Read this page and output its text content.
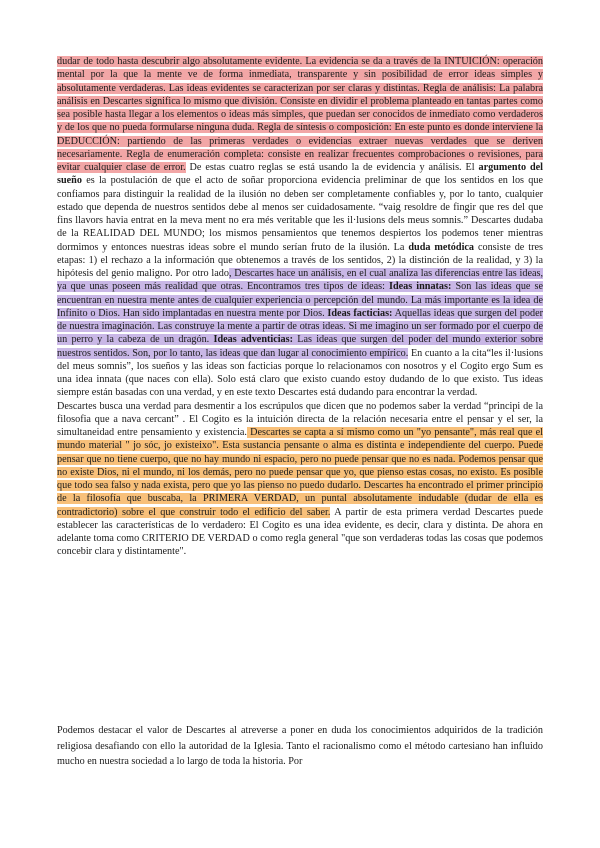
dudar de todo hasta descubrir algo absolutamente evidente. La evidencia se da a través de la INTUICIÓN: operación mental por la que la mente ve de forma inmediata, transparente y sin posibilidad de error ideas simples y absolutamente verdaderas. Las ideas evidentes se caracterizan por ser claras y distintas. Regla de análisis: La palabra análisis en Descartes significa lo mismo que división. Consiste en dividir el problema planteado en tantas partes como sea posible hasta llegar a los elementos o ideas más simples, que puedan ser conocidos de inmediato como verdaderos y de los que no pueda formularse ninguna duda. Regla de síntesis o composición: En este punto es donde interviene la DEDUCCIÓN: partiendo de las primeras verdades o evidencias extraer nuevas verdades que se deriven necesariamente. Regla de enumeración completa: consiste en realizar frecuentes comprobaciones o revisiones, para evitar cualquier clase de error. De estas cuatro reglas se está usando la de evidencia y análisis. El argumento del sueño es la postulación de que el acto de soñar proporciona evidencia preliminar de que los sentidos en los que confiamos para distinguir la realidad de la ilusión no deben ser completamente confiables y, por lo tanto, cualquier estado que dependa de nuestros sentidos debe al menos ser cuidadosamente. “vaig resoldre de fingir que res del que fins llavors havia entrat en la meva ment no era més veritable que les il·lusions dels meus somnis.” Descartes dudaba de la REALIDAD DEL MUNDO; los mismos pensamientos que tenemos despiertos los podemos tener mientras dormimos y entonces nuestras ideas sobre el mundo serían fruto de la ilusión. La duda metódica consiste de tres etapas: 1) el rechazo a la información que obtenemos a través de los sentidos, 2) la distinción de la realidad, y 3) la hipótesis del genio maligno. Por otro lado, Descartes hace un análisis, en el cual analiza las diferencias entre las ideas, ya que unas poseen más realidad que otras. Encontramos tres tipos de ideas: Ideas innatas: Son las ideas que se encuentran en nuestra mente antes de cualquier experiencia o percepción del mundo. La más importante es la idea de Infinito o Dios. Han sido implantadas en nuestra mente por Dios. Ideas facticias: Aquellas ideas que surgen del poder de nuestra imaginación. Las construye la mente a partir de otras ideas. Si me imagino un ser formado por el cuerpo de un perro y la cabeza de un dragón. Ideas adventicias: Las ideas que surgen del poder del mundo exterior sobre nuestros sentidos. Son, por lo tanto, las ideas que dan lugar al conocimiento empírico. En cuanto a la cita“les il·lusions del meus somnis”, los sueños y las ideas son facticias porque lo relacionamos con nosotros y el Cogito ergo Sum es una idea innata (que naces con ella). Solo está claro que existo cuando estoy dudando de lo que existo. Tus ideas siempre están basadas con una verdad, y en este texto Descartes está dudando para encontrar la verdad.

Descartes busca una verdad para desmentir a los escrúpulos que dicen que no podemos saber la verdad “principi de la filosofia que a nava cercant” . El Cogito es la intuición directa de la relación necesaria entre el pensar y el ser, la simultaneidad entre pensamiento y existencia. Descartes se capta a sí mismo como un "yo pensante", más real que el mundo material " jo sóc, jo existeixo". Esta sustancia pensante o alma es distinta e independiente del cuerpo. Puede pensar que no tiene cuerpo, que no hay mundo ni espacio, pero no puede pensar que no es nada. Podemos pensar que no existe Dios, ni el mundo, ni los demás, pero no puede pensar que yo, que pienso estas cosas, no existo. Es posible que todo sea falso y nada exista, pero que yo las pienso no puedo dudarlo. Descartes ha encontrado el primer principio de la filosofía que buscaba, la PRIMERA VERDAD, un puntal absolutamente indudable (dudar de ella es contradictorio) sobre el que construir todo el edificio del saber. A partir de esta primera verdad Descartes puede establecer las características de lo verdadero: El Cogito es una idea evidente, es decir, clara y distinta. De ahora en adelante toma como CRITERIO DE VERDAD o como regla general "que son verdaderas todas las cosas que podemos concebir clara y distintamente".

Podemos destacar el valor de Descartes al atreverse a poner en duda los conocimientos adquiridos de la tradición religiosa desafiando con ello la autoridad de la Iglesia. Tanto el racionalismo como el método cartesiano han influido mucho en nuestra sociedad a lo largo de toda la historia. Por
